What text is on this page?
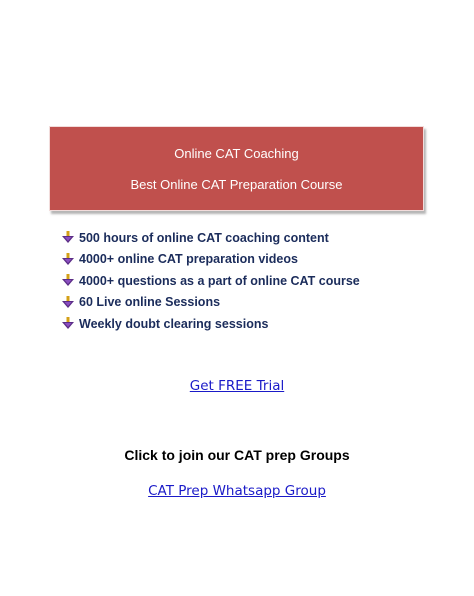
Online CAT Coaching
Best Online CAT Preparation Course
500 hours of online CAT coaching content
4000+ online CAT preparation videos
4000+ questions as a part of online CAT course
60 Live online Sessions
Weekly doubt clearing sessions
Get FREE Trial
Click to join our CAT prep Groups
CAT Prep Whatsapp Group
